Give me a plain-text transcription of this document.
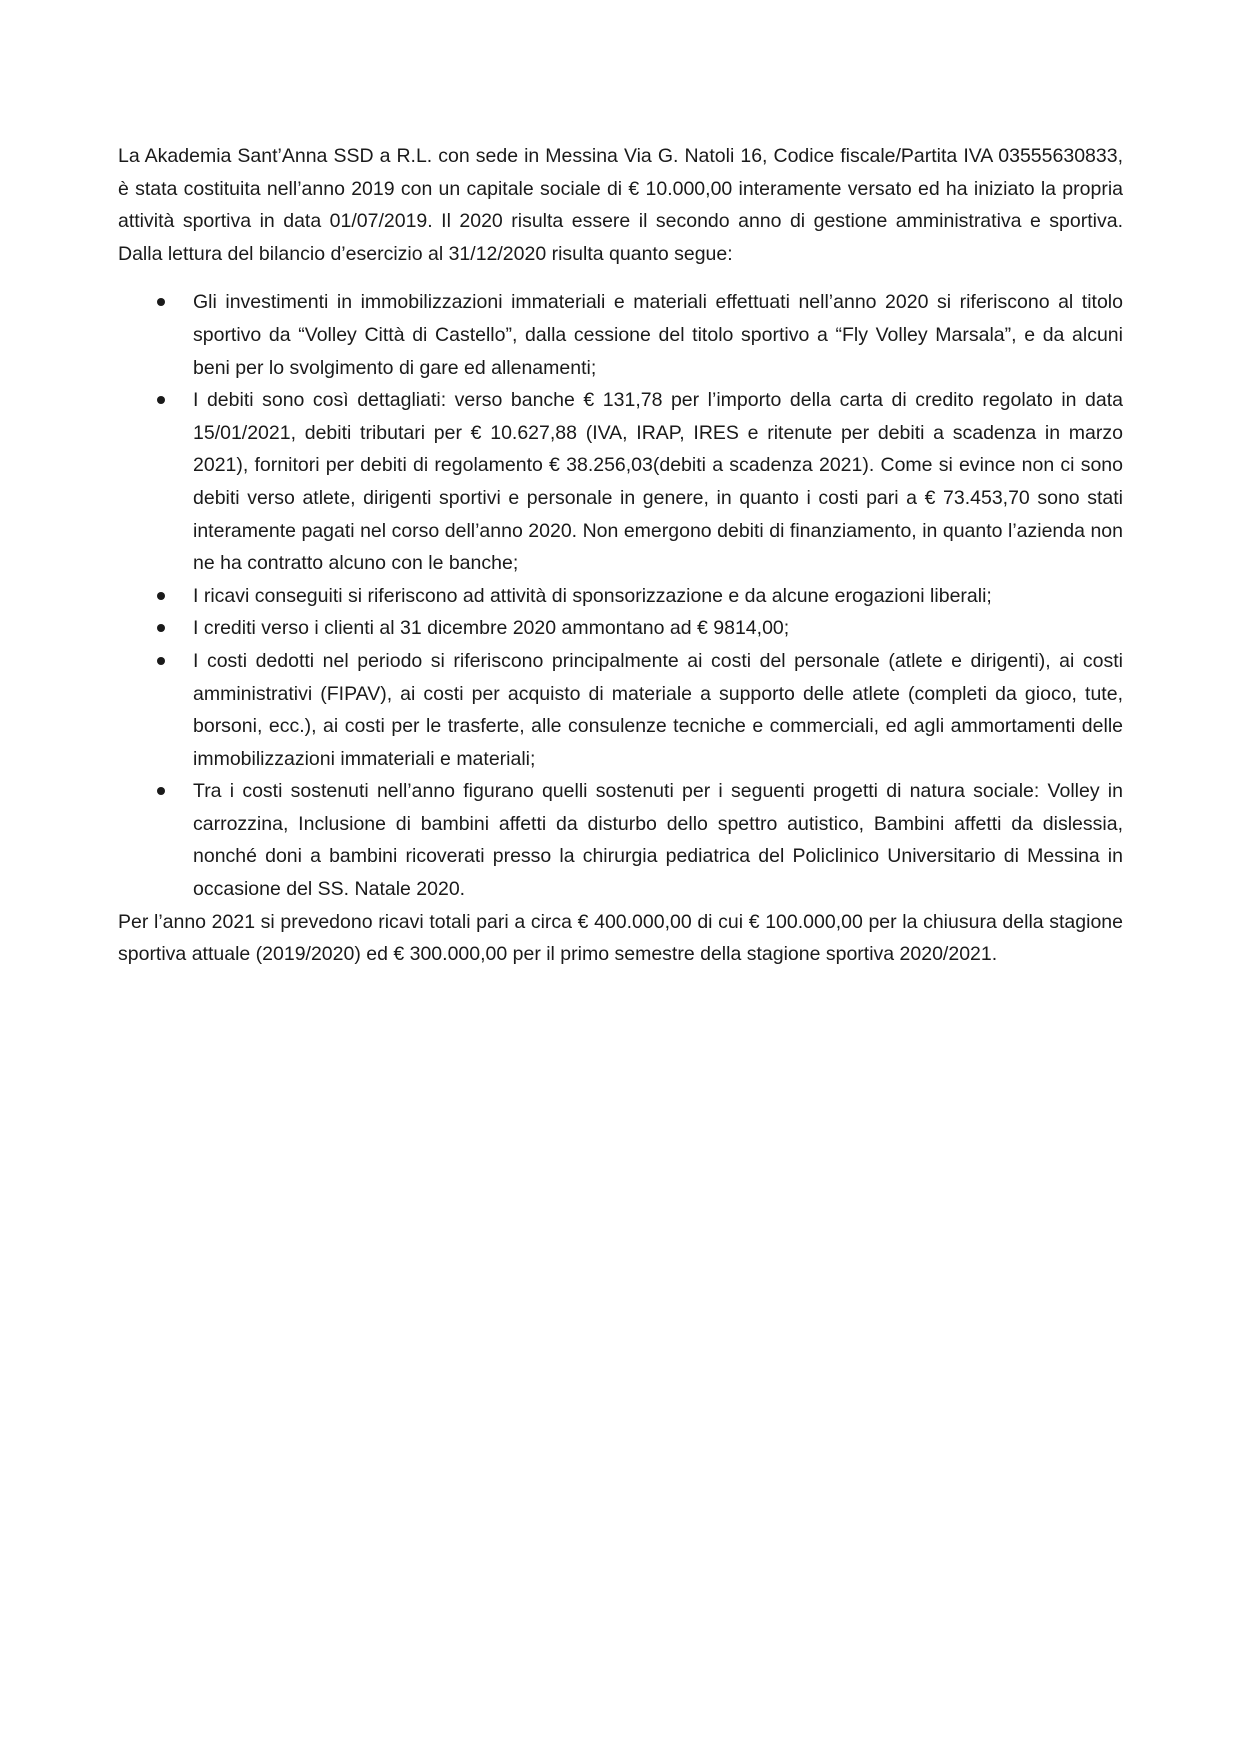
La Akademia Sant’Anna SSD a R.L. con sede in Messina Via G. Natoli 16, Codice fiscale/Partita IVA 03555630833, è stata costituita nell’anno 2019 con un capitale sociale di € 10.000,00 interamente versato ed ha iniziato la propria attività sportiva in data 01/07/2019. Il 2020 risulta essere il secondo anno di gestione amministrativa e sportiva. Dalla lettura del bilancio d’esercizio al 31/12/2020 risulta quanto segue:

Gli investimenti in immobilizzazioni immateriali e materiali effettuati nell’anno 2020 si riferiscono al titolo sportivo da “Volley Città di Castello”, dalla cessione del titolo sportivo a “Fly Volley Marsala”, e da alcuni beni per lo svolgimento di gare ed allenamenti;
I debiti sono così dettagliati: verso banche € 131,78 per l’importo della carta di credito regolato in data 15/01/2021, debiti tributari per € 10.627,88 (IVA, IRAP, IRES e ritenute per debiti a scadenza in marzo 2021), fornitori per debiti di regolamento € 38.256,03(debiti a scadenza 2021). Come si evince non ci sono debiti verso atlete, dirigenti sportivi e personale in genere, in quanto i costi pari a € 73.453,70 sono stati interamente pagati nel corso dell’anno 2020. Non emergono debiti di finanziamento, in quanto l’azienda non ne ha contratto alcuno con le banche;
I ricavi conseguiti si riferiscono ad attività di sponsorizzazione e da alcune erogazioni liberali;
I crediti verso i clienti al 31 dicembre 2020 ammontano ad € 9814,00;
I costi dedotti nel periodo si riferiscono principalmente ai costi del personale (atlete e dirigenti), ai costi amministrativi (FIPAV), ai costi per acquisto di materiale a supporto delle atlete (completi da gioco, tute, borsoni, ecc.), ai costi per le trasferte, alle consulenze tecniche e commerciali, ed agli ammortamenti delle immobilizzazioni immateriali e materiali;
Tra i costi sostenuti nell’anno figurano quelli sostenuti per i seguenti progetti di natura sociale: Volley in carrozzina, Inclusione di bambini affetti da disturbo dello spettro autistico, Bambini affetti da dislessia, nonché doni a bambini ricoverati presso la chirurgia pediatrica del Policlinico Universitario di Messina in occasione del SS. Natale 2020.

Per l’anno 2021 si prevedono ricavi totali pari a circa € 400.000,00 di cui € 100.000,00 per la chiusura della stagione sportiva attuale (2019/2020) ed € 300.000,00 per il primo semestre della stagione sportiva 2020/2021.
